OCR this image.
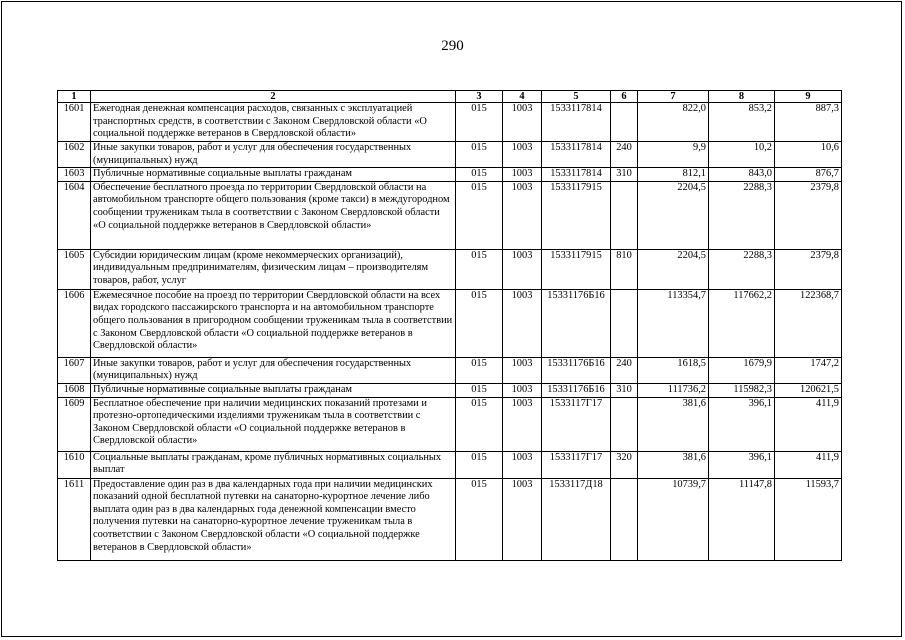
290
1	2	3	4	5	6	7	8	9
1601	Ежегодная денежная компенсация расходов, связанных с эксплуатацией транспортных средств, в соответствии с Законом Свердловской области «О социальной поддержке ветеранов в Свердловской области»	015	1003	1533117814		822,0	853,2	887,3
1602	Иные закупки товаров, работ и услуг для обеспечения государственных (муниципальных) нужд	015	1003	1533117814	240	9,9	10,2	10,6
1603	Публичные нормативные социальные выплаты гражданам	015	1003	1533117814	310	812,1	843,0	876,7
1604	Обеспечение бесплатного проезда по территории Свердловской области на автомобильном транспорте общего пользования (кроме такси) в междугородном сообщении труженикам тыла в соответствии с Законом Свердловской области «О социальной поддержке ветеранов в Свердловской области»	015	1003	1533117915		2204,5	2288,3	2379,8
1605	Субсидии юридическим лицам (кроме некоммерческих организаций), индивидуальным предпринимателям, физическим лицам – производителям товаров, работ, услуг	015	1003	1533117915	810	2204,5	2288,3	2379,8
1606	Ежемесячное пособие на проезд по территории Свердловской области на всех видах городского пассажирского транспорта и на автомобильном транспорте общего пользования в пригородном сообщении труженикам тыла в соответствии с Законом Свердловской области «О социальной поддержке ветеранов в Свердловской области»	015	1003	15331176Б16		113354,7	117662,2	122368,7
1607	Иные закупки товаров, работ и услуг для обеспечения государственных (муниципальных) нужд	015	1003	15331176Б16	240	1618,5	1679,9	1747,2
1608	Публичные нормативные социальные выплаты гражданам	015	1003	15331176Б16	310	111736,2	115982,3	120621,5
1609	Бесплатное обеспечение при наличии медицинских показаний протезами и протезно-ортопедическими изделиями труженикам тыла в соответствии с Законом Свердловской области «О социальной поддержке ветеранов в Свердловской области»	015	1003	1533117Г17		381,6	396,1	411,9
1610	Социальные выплаты гражданам, кроме публичных нормативных социальных выплат	015	1003	1533117Г17	320	381,6	396,1	411,9
1611	Предоставление один раз в два календарных года при наличии медицинских показаний одной бесплатной путевки на санаторно-курортное лечение либо выплата один раз в два календарных года денежной компенсации вместо получения путевки на санаторно-курортное лечение труженикам тыла в соответствии с Законом Свердловской области «О социальной поддержке ветеранов в Свердловской области»	015	1003	1533117Д18		10739,7	11147,8	11593,7
